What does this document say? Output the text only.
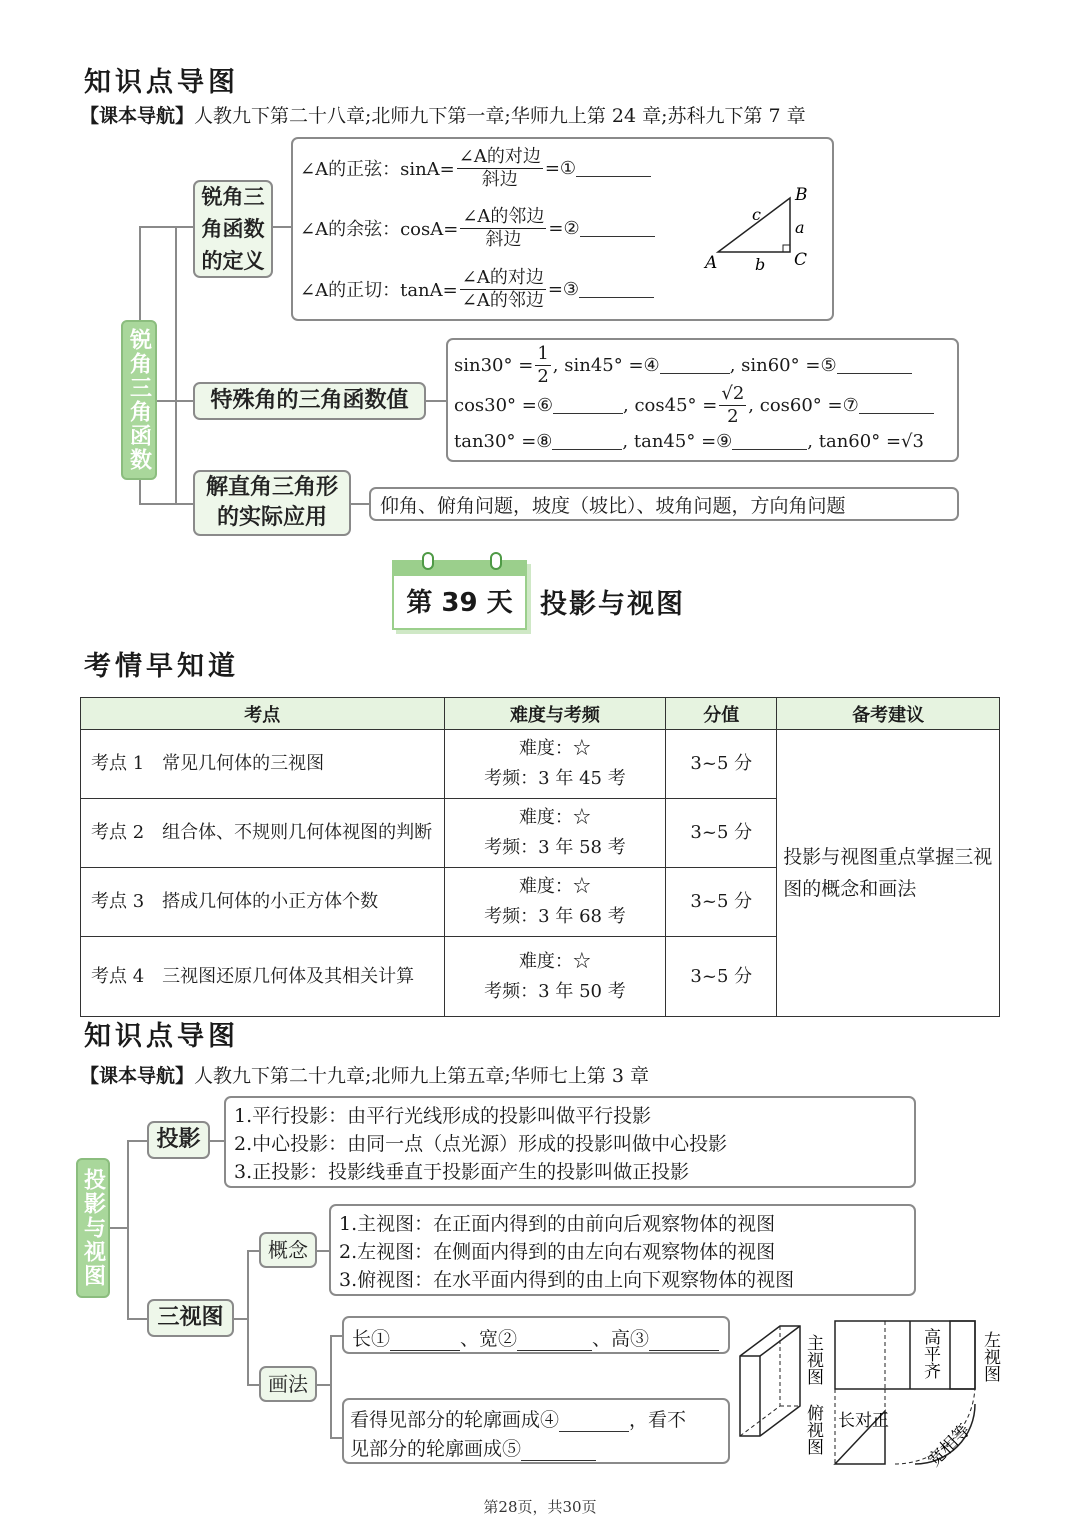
知识点导图
【课本导航】人教九下第二十八章;北师九下第一章;华师九上第 24 章;苏科九下第 7 章
锐角三角函数
锐角三角函数的定义
∠A的正弦：$\sin A= \frac{\text{∠A的对边}}{\text{斜边}}$ =①
∠A的余弦：$\cos A= \frac{\text{∠A的邻边}}{\text{斜边}}$ =②
∠A的正切：$\tan A= \frac{\text{∠A的对边}}{\text{∠A的邻边}}$ =③
A
B
C
a
b
c
特殊角的三角函数值
sin30°
= $\frac{1}{2}$ , sin45°
=④	, sin60°
=⑤
cos30°
=⑥	, cos45°
= $\frac{√2}{2}$ , cos60°
=⑦
tan30°
=⑧	, tan45°
=⑨	, tan60°
=√3
解直角三角形的实际应用	仰角、俯角问题，坡度（坡比）、坡角问题，方向角问题
第 39 天	投影与视图
考情早知道
考点	难度与考频	分值	备考建议
考点 1　常见几何体的三视图	难度：☆
考频：3 年 45 考	3~5 分	投影与视图重点掌握三视图的概念和画法
考点 2　组合体、不规则几何体视图的判断	难度：☆
考频：3 年 58 考	3~5 分	
考点 3　搭成几何体的小正方体个数	难度：☆
考频：3 年 68 考	3~5 分	
考点 4　三视图还原几何体及其相关计算	难度：☆
考频：3 年 50 考	3~5 分	
知识点导图
【课本导航】人教九下第二十九章;北师九上第五章;华师七上第 3 章
投影与视图
投影
1.平行投影：由平行光线形成的投影叫做平行投影
2.中心投影：由同一点（点光源）形成的投影叫做中心投影
3.正投影：投影线垂直于投影面产生的投影叫做正投影
三视图
概念
1.主视图：在正面内得到的由前向后观察物体的视图
2.左视图：在侧面内得到的由左向右观察物体的视图
3.俯视图：在水平面内得到的由上向下观察物体的视图
画法
长①	、宽②	、高③
看得见部分的轮廓画成④	，看不
见部分的轮廓画成⑤
主视图	左视图
俯视图
高平齐
长对正 宽相等
第28页，共30页
